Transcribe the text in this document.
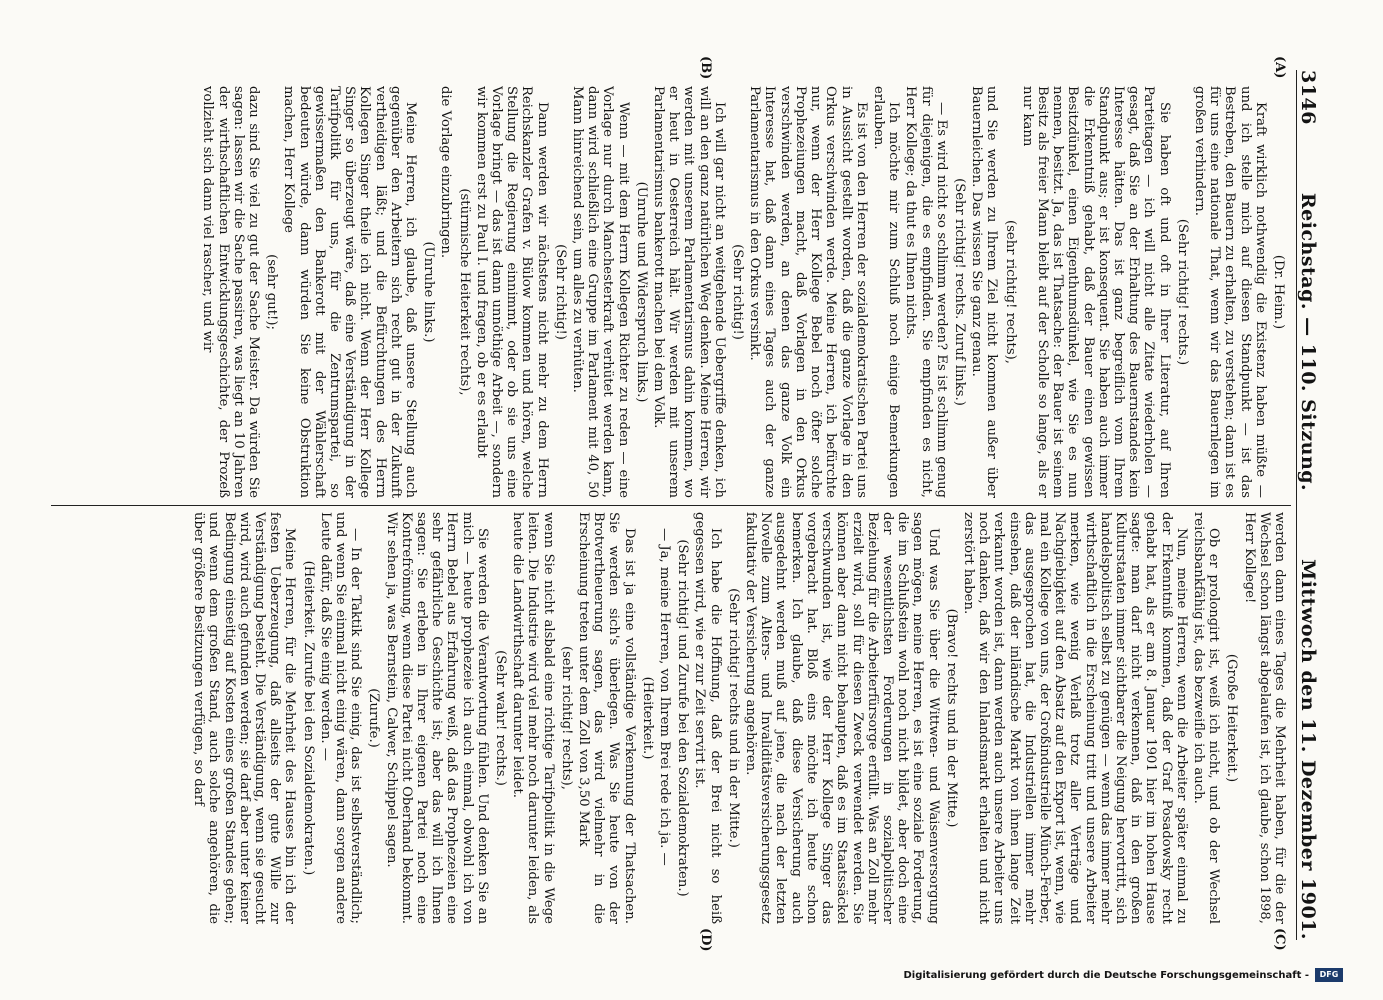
3146
Reichstag. — 110. Sitzung.
Mittwoch den 11. Dezember 1901.
(A)
(B)
(C)
(D)

(Dr. Heim.)

Kraft wirklich nothwendig die Existenz haben müßte — und ich stelle mich auf diesen Standpunkt — ist das Bestreben, den Bauern zu erhalten, zu verstehen; dann ist es für uns eine nationale That, wenn wir das Bauernlegen im großen verhindern.

(Sehr richtig! rechts.)

Sie haben oft und oft in Ihrer Literatur, auf Ihren Parteitagen — ich will nicht alle Zitate wiederholen — gesagt, daß Sie an der Erhaltung des Bauernstandes kein Interesse hätten. Das ist ganz begreiflich vom Ihrem Standpunkt aus; er ist konsequent. Sie haben auch immer die Erkenntniß gehabt, daß der Bauer einen gewissen Besitzdünkel, einen Eigenthumsdünkel, wie Sie es nun nennen, besitzt. Ja, das ist Thatsache: der Bauer ist seinem Besitz als freier Mann bleibt auf der Scholle so lange, als er nur kann

(sehr richtig! rechts),

und Sie werden zu Ihrem Ziel nicht kommen außer über Bauernleichen. Das wissen Sie ganz genau.

(Sehr richtig! rechts. Zuruf links.)

— Es wird nicht so schlimm werden? Es ist schlimm genug für diejenigen, die es empfinden. Sie empfinden es nicht, Herr Kollege; da thut es Ihnen nichts.

Ich möchte mir zum Schluß noch einige Bemerkungen erlauben.

Es ist von den Herren der sozialdemokratischen Partei uns in Aussicht gestellt worden, daß die ganze Vorlage in den Orkus verschwinden werde. Meine Herren, ich befürchte nur, wenn der Herr Kollege Bebel noch öfter solche Prophezeiungen macht, daß Vorlagen in den Orkus verschwinden werden, an denen das ganze Volk ein Interesse hat, daß dann eines Tages auch der ganze Parlamentarismus in den Orkus versinkt.

(Sehr richtig!)

Ich will gar nicht an weitgehende Uebergriffe denken, ich will an den ganz natürlichen Weg denken. Meine Herren, wir werden mit unserem Parlamentarismus dahin kommen, wo er heut in Oesterreich hält. Wir werden mit unserem Parlamentarismus bankerott machen bei dem Volk.

(Unruhe und Widerspruch links.)

Wenn — mit dem Herrn Kollegen Richter zu reden — eine Vorlage nur durch Manchesterkraft verhütet werden kann, dann wird schließlich eine Gruppe im Parlament mit 40, 50 Mann hinreichend sein, um alles zu verhüten.

(Sehr richtig!)

Dann werden wir nächstens nicht mehr zu dem Herrn Reichskanzler Grafen v. Bülow kommen und hören, welche Stellung die Regierung einnimmt, oder ob sie uns eine Vorlage bringt — das ist dann unnöthige Arbeit —, sondern wir kommen erst zu Paul I. und fragen, ob er es erlaubt

(stürmische Heiterkeit rechts),

die Vorlage einzubringen.

(Unruhe links.)

Meine Herren, ich glaube, daß unsere Stellung auch gegenüber den Arbeitern sich recht gut in der Zukunft vertheidigen läßt; und die Befürchtungen des Herrn Kollegen Singer theile ich nicht. Wenn der Herr Kollege Singer so überzeugt wäre, daß eine Verständigung in der Tarifpolitik für uns, für die Zentrumspartei, so gewissermaßen den Bankerott mit der Wählerschaft bedeuten würde, dann würden Sie keine Obstruktion machen, Herr Kollege

(sehr gut!);

dazu sind Sie viel zu gut der Sache Meister. Da würden Sie sagen: lassen wir die Sache passiren, was liegt an 10 Jahren der wirthschaftlichen Entwicklungsgeschichte, der Prozeß vollzieht sich dann viel rascher, und wir

werden dann eines Tages die Mehrheit haben, für die der Wechsel schon längst abgelaufen ist, ich glaube, schon 1898, Herr Kollege!

(Große Heiterkeit.)

Ob er prolongirt ist, weiß ich nicht, und ob der Wechsel reichsbankfähig ist, das bezweifle ich auch.

Nun, meine Herren, wenn die Arbeiter später einmal zu der Erkenntniß kommen, daß der Graf Posadowsky recht gehabt hat, als er am 8. Januar 1901 hier im hohen Hause sagte: man darf nicht verkennen, daß in den großen Kulturstaaten immer sichtbarer die Neigung hervortritt, sich handelspolitisch selbst zu genügen — wenn das immer mehr wirthschaftlich in die Erscheinung tritt und unsere Arbeiter merken, wie wenig Verlaß trotz aller Verträge und Nachgiebigkeit auf den Absatz auf den Export ist, wenn, wie mal ein Kollege von uns, der Großindustrielle Münch-Ferber, das ausgesprochen hat, die Industriellen immer mehr einsehen, daß der inländische Markt von ihnen lange Zeit verkannt worden ist, dann werden auch unsere Arbeiter uns noch danken, daß wir den Inlandsmarkt erhalten und nicht zerstört haben.

(Bravo! rechts und in der Mitte.)

Und was Sie über die Wittwen- und Waisenversorgung sagen mögen, meine Herren, es ist eine soziale Forderung, die im Schlußstein wohl noch nicht bildet, aber doch eine der wesentlichsten Forderungen in sozialpolitischer Beziehung für die Arbeiterfürsorge erfüllt. Was an Zoll mehr erzielt wird, soll für diesen Zweck verwendet werden. Sie können aber dann nicht behaupten, daß es im Staatssäckel verschwunden ist, wie der Herr Kollege Singer das vorgebracht hat. Bloß eins möchte ich heute schon bemerken. Ich glaube, daß diese Versicherung auch ausgedehnt werden muß auf jene, die nach der letzten Novelle zum Alters- und Invaliditätsversicherungsgesetz fakultativ der Versicherung angehören.

(Sehr richtig! rechts und in der Mitte.)

Ich habe die Hoffnung, daß der Brei nicht so heiß gegessen wird, wie er zur Zeit servirt ist.

(Sehr richtig! und Zurufe bei den Sozialdemokraten.)

— Ja, meine Herren, von Ihrem Brei rede ich ja. —

(Heiterkeit.)

Das ist ja eine vollständige Verkennung der Thatsachen. Sie werden sich's überlegen. Was Sie heute von der Brotvertheuerung sagen, das wird vielmehr in die Erscheinung treten unter dem Zoll von 3,50 Mark

(sehr richtig! rechts),

wenn Sie nicht alsbald eine richtige Tarifpolitik in die Wege leiten. Die Industrie wird viel mehr noch darunter leiden, als heute die Landwirthschaft darunter leidet.

(Sehr wahr! rechts.)

Sie werden die Verantwortung fühlen. Und denken Sie an mich — heute prophezeie ich auch einmal, obwohl ich von Herrn Bebel aus Erfahrung weiß, daß das Prophezeien eine sehr gefährliche Geschichte ist; aber das will ich Ihnen sagen: Sie erleben in Ihrer eigenen Partei noch eine Kontrefrömung, wenn diese Partei nicht Oberhand bekommt. Wir sehen ja, was Bernstein, Calwer, Schippel sagen.

(Zurufe.)

— In der Taktik sind Sie einig, das ist selbstverständlich; und wenn Sie einmal nicht einig wären, dann sorgen andere Leute dafür, daß Sie einig werden. —

(Heiterkeit. Zurufe bei den Sozialdemokraten.)

Meine Herren, für die Mehrheit des Hauses bin ich der festen Ueberzeugung, daß allseits der gute Wille zur Verständigung besteht. Die Verständigung, wenn sie gesucht wird, wird auch gefunden werden; sie darf aber unter keiner Bedingung einseitig auf Kosten eines großen Standes gehen; und wenn dem großen Stand, auch solche angehören, die über größere Besitzungen verfügen, so darf

Digitalisierung gefördert durch die Deutsche Forschungsgemeinschaft -	DFG
